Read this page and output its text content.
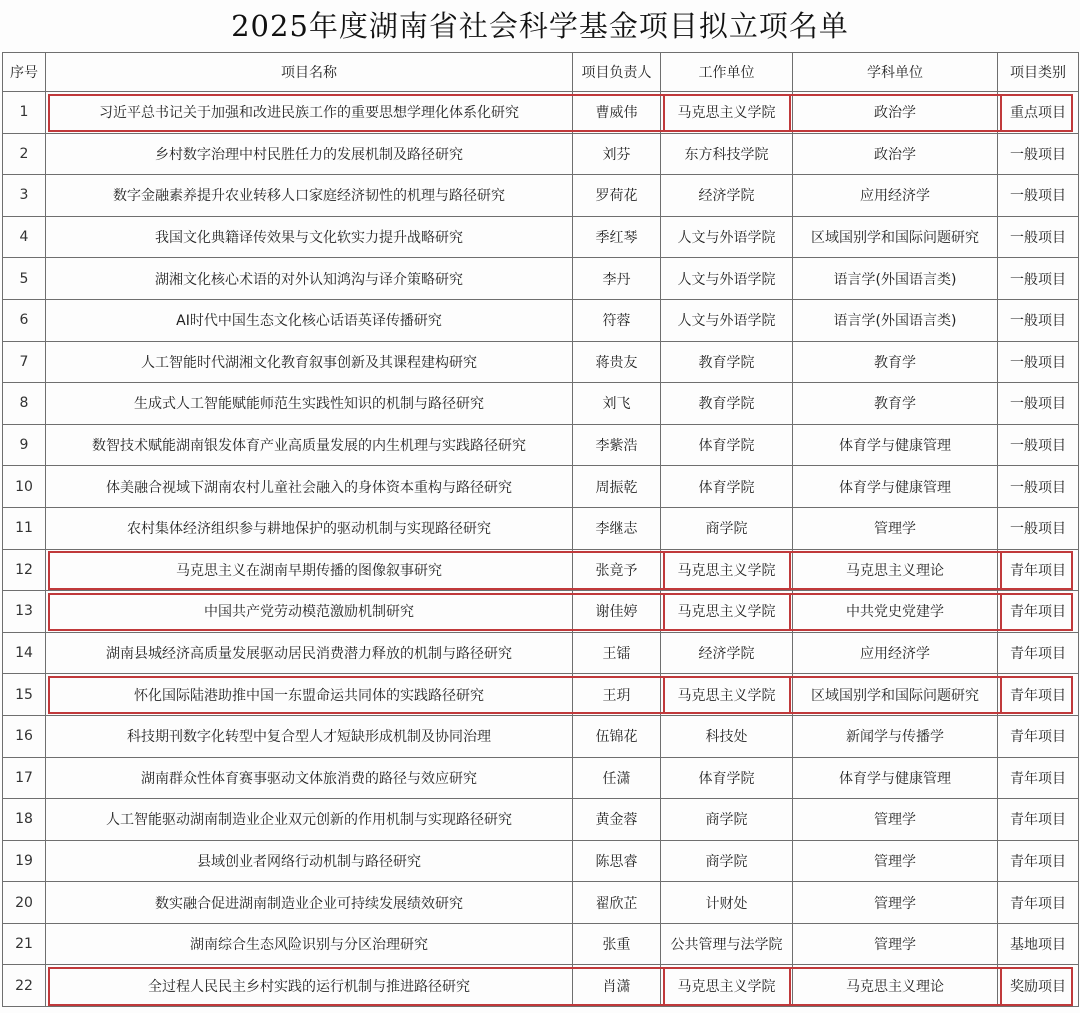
2025年度湖南省社会科学基金项目拟立项名单
序号	项目名称	项目负责人	工作单位	学科单位	项目类别
1	习近平总书记关于加强和改进民族工作的重要思想学理化体系化研究	曹威伟	马克思主义学院	政治学	重点项目
2	乡村数字治理中村民胜任力的发展机制及路径研究	刘芬	东方科技学院	政治学	一般项目
3	数字金融素养提升农业转移人口家庭经济韧性的机理与路径研究	罗荷花	经济学院	应用经济学	一般项目
4	我国文化典籍译传效果与文化软实力提升战略研究	季红琴	人文与外语学院	区域国别学和国际问题研究	一般项目
5	湖湘文化核心术语的对外认知鸿沟与译介策略研究	李丹	人文与外语学院	语言学(外国语言类)	一般项目
6	AI时代中国生态文化核心话语英译传播研究	符蓉	人文与外语学院	语言学(外国语言类)	一般项目
7	人工智能时代湖湘文化教育叙事创新及其课程建构研究	蒋贵友	教育学院	教育学	一般项目
8	生成式人工智能赋能师范生实践性知识的机制与路径研究	刘飞	教育学院	教育学	一般项目
9	数智技术赋能湖南银发体育产业高质量发展的内生机理与实践路径研究	李紫浩	体育学院	体育学与健康管理	一般项目
10	体美融合视域下湖南农村儿童社会融入的身体资本重构与路径研究	周振乾	体育学院	体育学与健康管理	一般项目
11	农村集体经济组织参与耕地保护的驱动机制与实现路径研究	李继志	商学院	管理学	一般项目
12	马克思主义在湖南早期传播的图像叙事研究	张竟予	马克思主义学院	马克思主义理论	青年项目
13	中国共产党劳动模范激励机制研究	谢佳婷	马克思主义学院	中共党史党建学	青年项目
14	湖南县城经济高质量发展驱动居民消费潜力释放的机制与路径研究	王镭	经济学院	应用经济学	青年项目
15	怀化国际陆港助推中国一东盟命运共同体的实践路径研究	王玥	马克思主义学院	区域国别学和国际问题研究	青年项目
16	科技期刊数字化转型中复合型人才短缺形成机制及协同治理	伍锦花	科技处	新闻学与传播学	青年项目
17	湖南群众性体育赛事驱动文体旅消费的路径与效应研究	任潇	体育学院	体育学与健康管理	青年项目
18	人工智能驱动湖南制造业企业双元创新的作用机制与实现路径研究	黄金蓉	商学院	管理学	青年项目
19	县域创业者网络行动机制与路径研究	陈思睿	商学院	管理学	青年项目
20	数实融合促进湖南制造业企业可持续发展绩效研究	翟欣芷	计财处	管理学	青年项目
21	湖南综合生态风险识别与分区治理研究	张重	公共管理与法学院	管理学	基地项目
22	全过程人民民主乡村实践的运行机制与推进路径研究	肖潇	马克思主义学院	马克思主义理论	奖励项目
